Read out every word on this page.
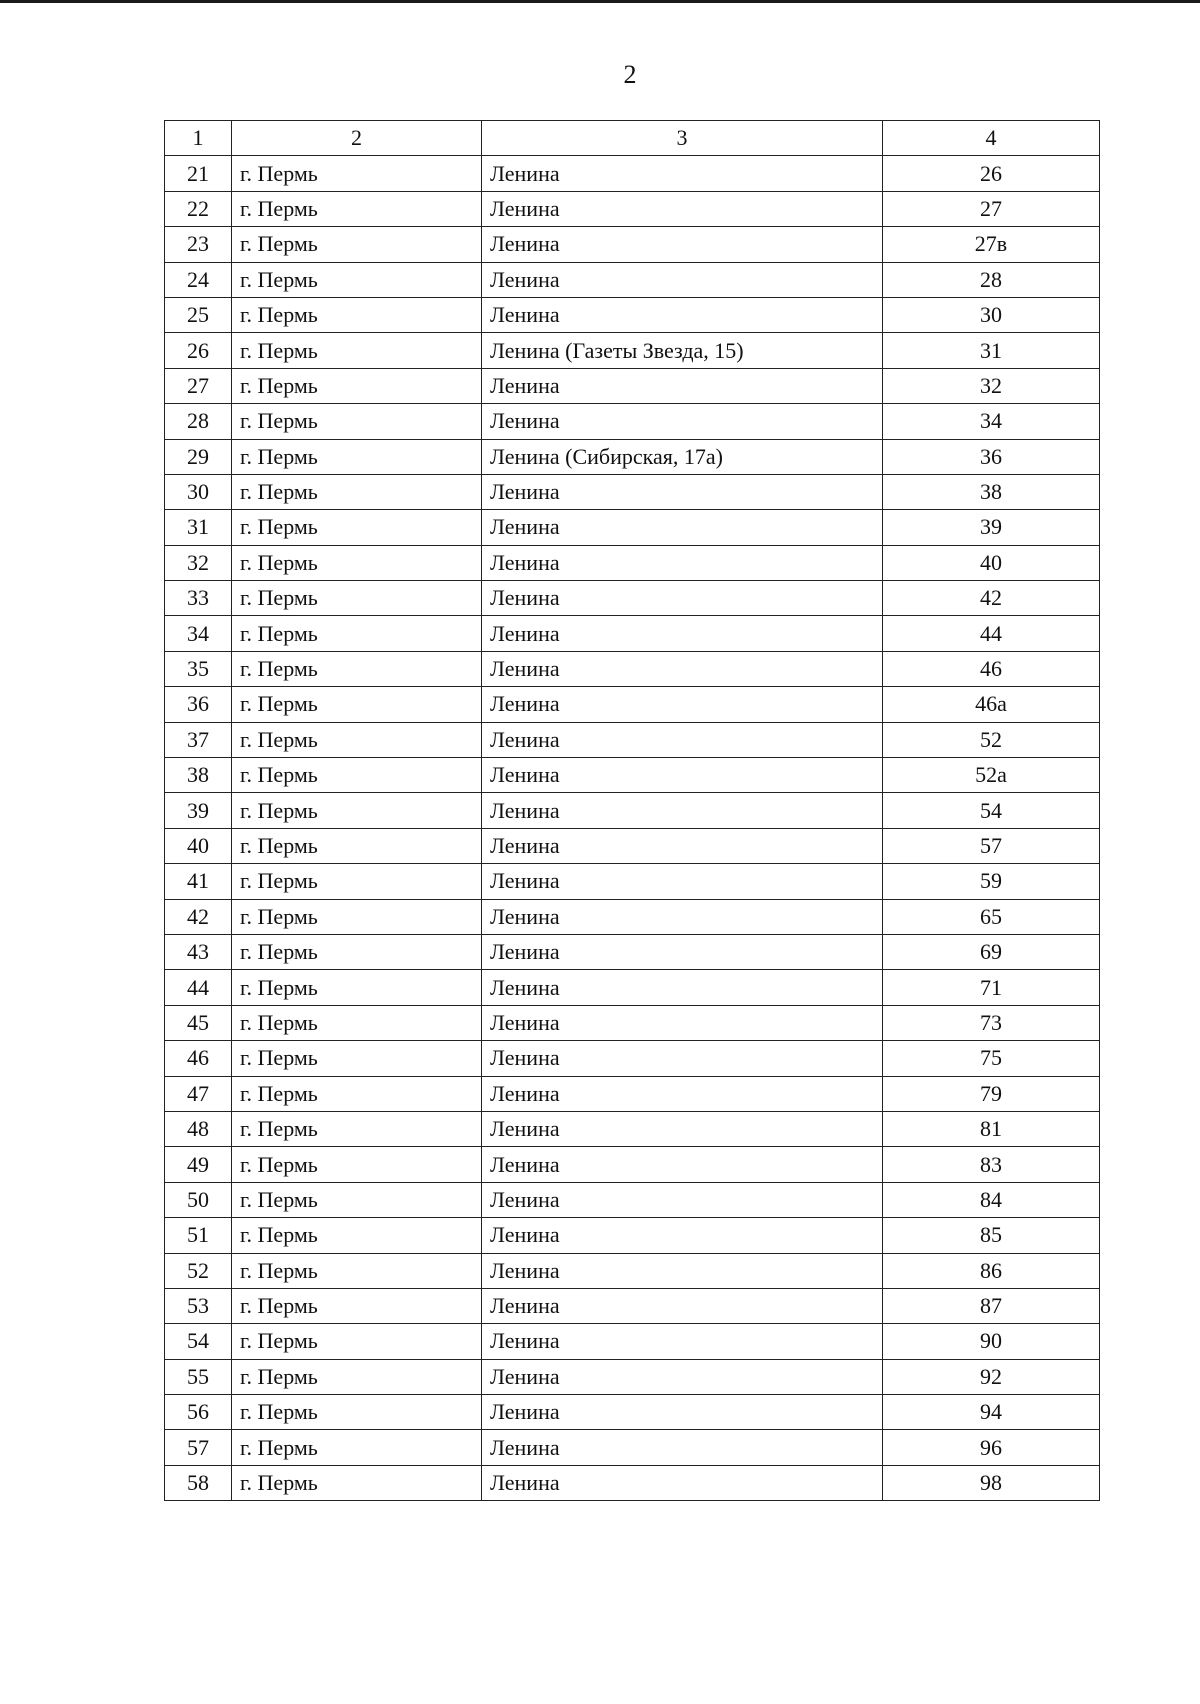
2
1	2	3	4
21	г. Пермь	Ленина	26
22	г. Пермь	Ленина	27
23	г. Пермь	Ленина	27в
24	г. Пермь	Ленина	28
25	г. Пермь	Ленина	30
26	г. Пермь	Ленина (Газеты Звезда, 15)	31
27	г. Пермь	Ленина	32
28	г. Пермь	Ленина	34
29	г. Пермь	Ленина (Сибирская, 17а)	36
30	г. Пермь	Ленина	38
31	г. Пермь	Ленина	39
32	г. Пермь	Ленина	40
33	г. Пермь	Ленина	42
34	г. Пермь	Ленина	44
35	г. Пермь	Ленина	46
36	г. Пермь	Ленина	46а
37	г. Пермь	Ленина	52
38	г. Пермь	Ленина	52а
39	г. Пермь	Ленина	54
40	г. Пермь	Ленина	57
41	г. Пермь	Ленина	59
42	г. Пермь	Ленина	65
43	г. Пермь	Ленина	69
44	г. Пермь	Ленина	71
45	г. Пермь	Ленина	73
46	г. Пермь	Ленина	75
47	г. Пермь	Ленина	79
48	г. Пермь	Ленина	81
49	г. Пермь	Ленина	83
50	г. Пермь	Ленина	84
51	г. Пермь	Ленина	85
52	г. Пермь	Ленина	86
53	г. Пермь	Ленина	87
54	г. Пермь	Ленина	90
55	г. Пермь	Ленина	92
56	г. Пермь	Ленина	94
57	г. Пермь	Ленина	96
58	г. Пермь	Ленина	98
